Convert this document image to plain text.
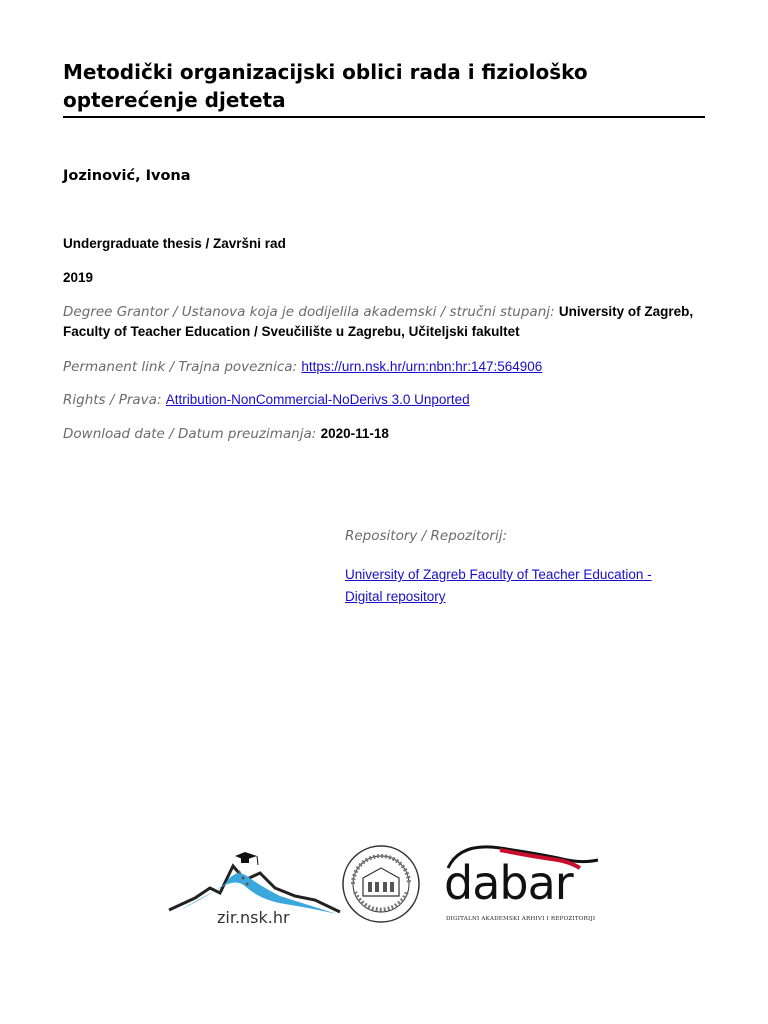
Metodički organizacijski oblici rada i fiziološko opterećenje djeteta
Jozinović, Ivona
Undergraduate thesis / Završni rad
2019
Degree Grantor / Ustanova koja je dodijelila akademski / stručni stupanj: University of Zagreb, Faculty of Teacher Education / Sveučilište u Zagrebu, Učiteljski fakultet
Permanent link / Trajna poveznica: https://urn.nsk.hr/urn:nbn:hr:147:564906
Rights / Prava: Attribution-NonCommercial-NoDerivs 3.0 Unported
Download date / Datum preuzimanja: 2020-11-18
Repository / Repozitorij:
University of Zagreb Faculty of Teacher Education - Digital repository
zir.nsk.hr
dabar
DIGITALNI AKADEMSKI ARHIVI I REPOZITORIJI
